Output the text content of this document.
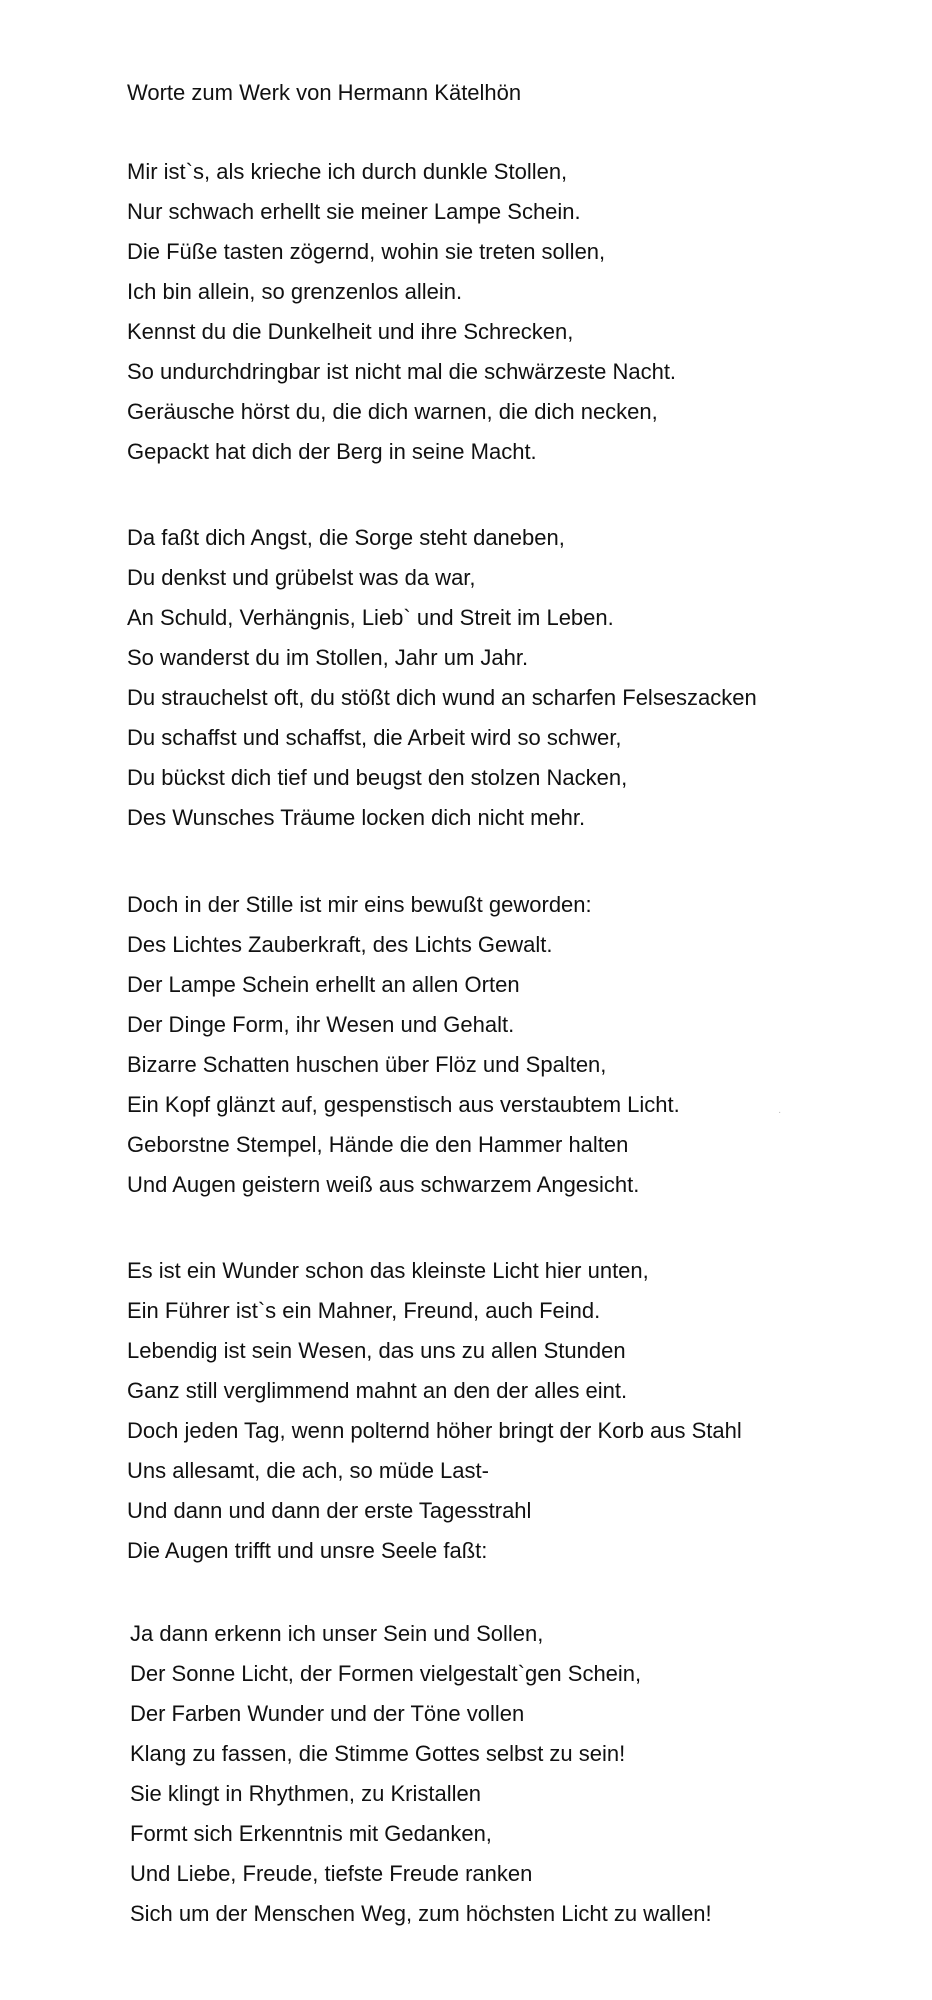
Worte zum Werk von Hermann Kätelhön
Mir ist`s, als krieche ich durch dunkle Stollen,
Nur schwach erhellt sie meiner Lampe Schein.
Die Füße tasten zögernd, wohin sie treten sollen,
Ich bin allein, so grenzenlos allein.
Kennst du die Dunkelheit und ihre Schrecken,
So undurchdringbar ist nicht mal die schwärzeste Nacht.
Geräusche hörst du, die dich warnen, die dich necken,
Gepackt hat dich der Berg in seine Macht.
Da faßt dich Angst, die Sorge steht daneben,
Du denkst und grübelst was da war,
An Schuld, Verhängnis, Lieb` und Streit im Leben.
So wanderst du im Stollen, Jahr um Jahr.
Du strauchelst oft, du stößt dich wund an scharfen Felseszacken
Du schaffst und schaffst, die Arbeit wird so schwer,
Du bückst dich tief und beugst den stolzen Nacken,
Des Wunsches Träume locken dich nicht mehr.
Doch in der Stille ist mir eins bewußt geworden:
Des Lichtes Zauberkraft, des Lichts Gewalt.
Der Lampe Schein erhellt an allen Orten
Der Dinge Form, ihr Wesen und Gehalt.
Bizarre Schatten huschen über Flöz und Spalten,
Ein Kopf glänzt auf, gespenstisch aus verstaubtem Licht.
Geborstne Stempel, Hände die den Hammer halten
Und Augen geistern weiß aus schwarzem Angesicht.
Es ist ein Wunder schon das kleinste Licht hier unten,
Ein Führer ist`s ein Mahner, Freund, auch Feind.
Lebendig ist sein Wesen, das uns zu allen Stunden
Ganz still verglimmend mahnt an den der alles eint.
Doch jeden Tag, wenn polternd höher bringt der Korb aus Stahl
Uns allesamt, die ach, so müde Last-
Und dann und dann der erste Tagesstrahl
Die Augen trifft und unsre Seele faßt:
Ja dann erkenn ich unser Sein und Sollen,
Der Sonne Licht, der Formen vielgestalt`gen Schein,
Der Farben Wunder und der Töne vollen
Klang zu fassen, die Stimme Gottes selbst zu sein!
Sie klingt in Rhythmen, zu Kristallen
Formt sich Erkenntnis mit Gedanken,
Und Liebe, Freude, tiefste Freude ranken
Sich um der Menschen Weg, zum höchsten Licht zu wallen!
·
